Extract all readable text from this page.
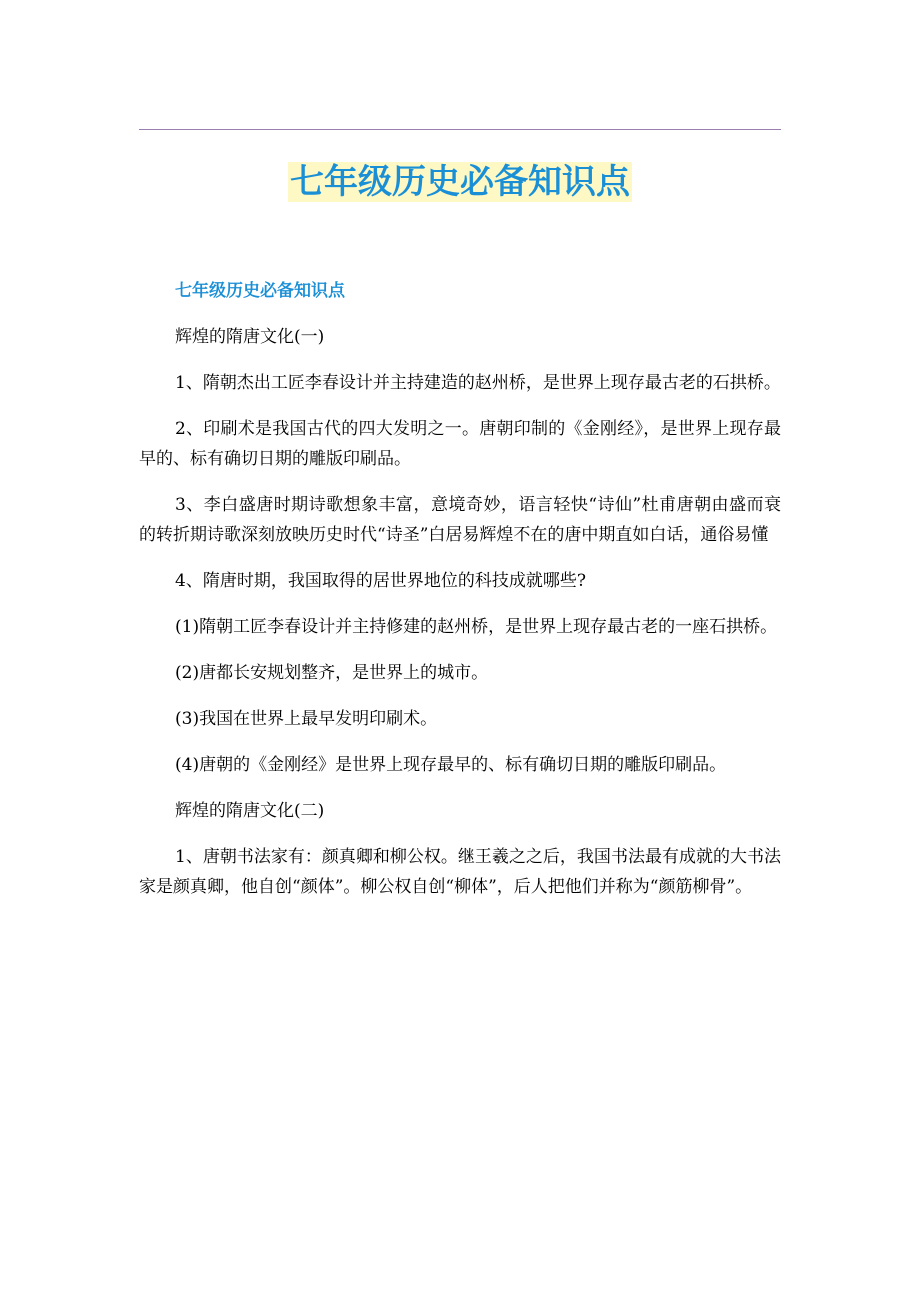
七年级历史必备知识点

七年级历史必备知识点

辉煌的隋唐文化(一)

1、隋朝杰出工匠李春设计并主持建造的赵州桥，是世界上现存最古老的石拱桥。

2、印刷术是我国古代的四大发明之一。唐朝印制的《金刚经》，是世界上现存最早的、标有确切日期的雕版印刷品。

3、李白盛唐时期诗歌想象丰富，意境奇妙，语言轻快“诗仙”杜甫唐朝由盛而衰的转折期诗歌深刻放映历史时代“诗圣”白居易辉煌不在的唐中期直如白话，通俗易懂

4、隋唐时期，我国取得的居世界地位的科技成就哪些?

(1)隋朝工匠李春设计并主持修建的赵州桥，是世界上现存最古老的一座石拱桥。

(2)唐都长安规划整齐，是世界上的城市。

(3)我国在世界上最早发明印刷术。

(4)唐朝的《金刚经》是世界上现存最早的、标有确切日期的雕版印刷品。

辉煌的隋唐文化(二)

1、唐朝书法家有：颜真卿和柳公权。继王羲之之后，我国书法最有成就的大书法家是颜真卿，他自创“颜体”。柳公权自创“柳体”，后人把他们并称为“颜筋柳骨”。
